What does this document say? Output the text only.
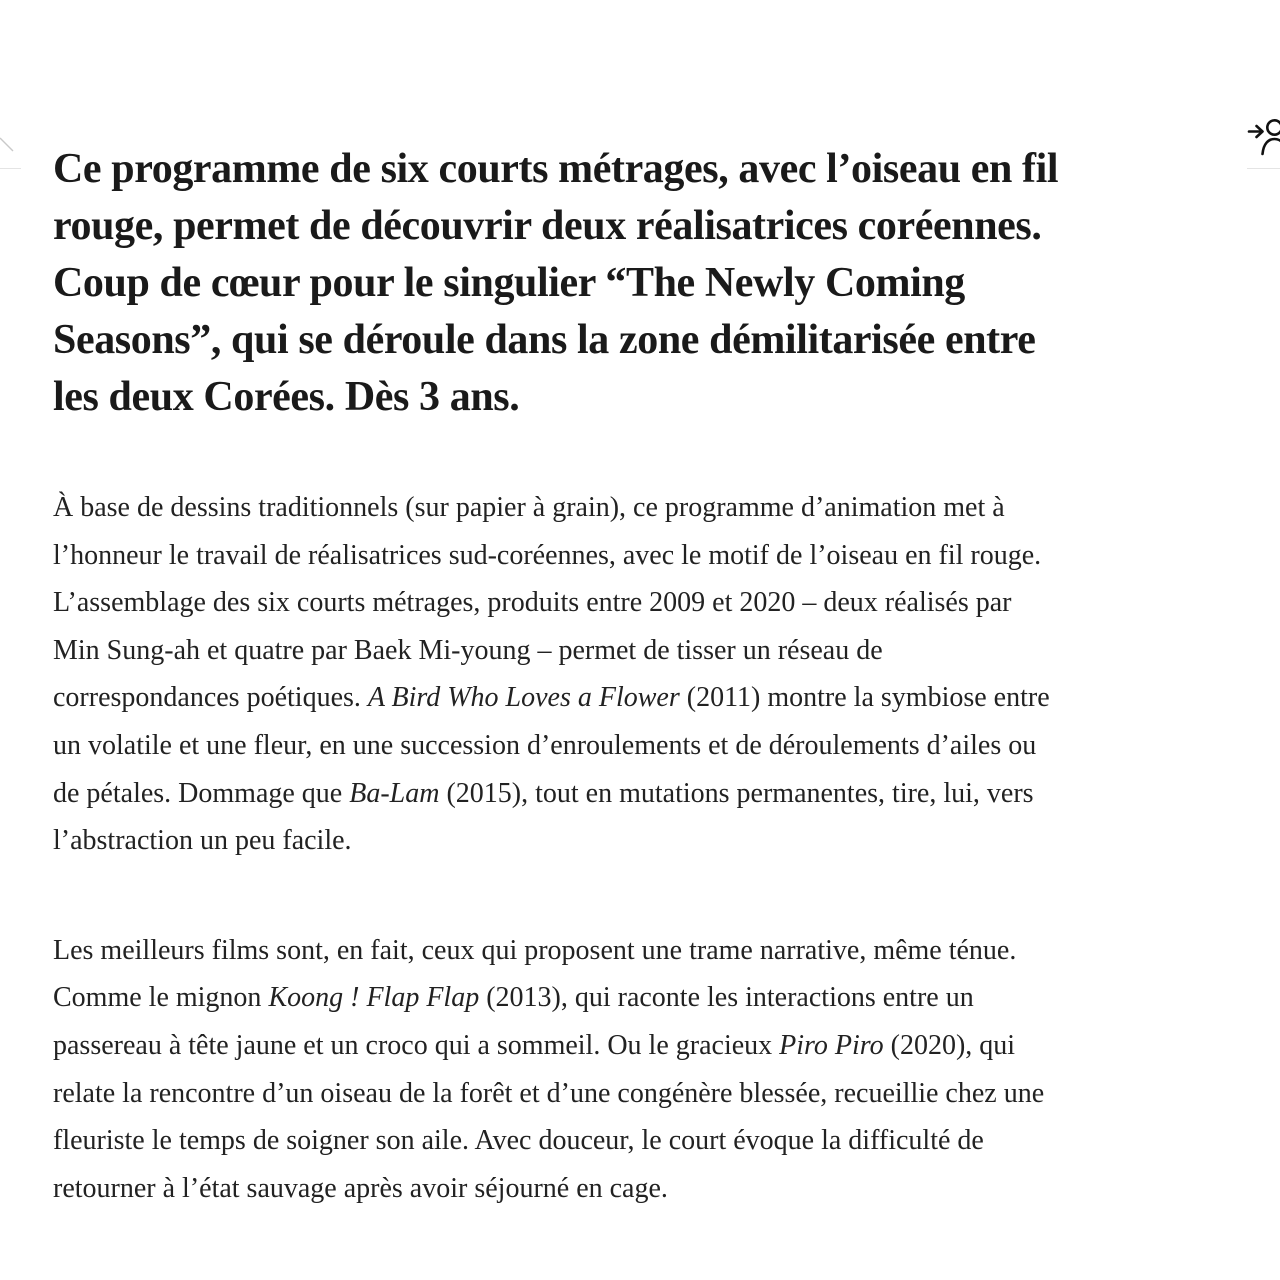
Ce programme de six courts métrages, avec l’oiseau en fil
rouge, permet de découvrir deux réalisatrices coréennes.
Coup de cœur pour le singulier “The Newly Coming
Seasons”, qui se déroule dans la zone démilitarisée entre
les deux Corées. Dès 3 ans.

À base de dessins traditionnels (sur papier à grain), ce programme d’animation met à
l’honneur le travail de réalisatrices sud-coréennes, avec le motif de l’oiseau en fil rouge.
L’assemblage des six courts métrages, produits entre 2009 et 2020 – deux réalisés par
Min Sung-ah et quatre par Baek Mi-young – permet de tisser un réseau de
correspondances poétiques. A Bird Who Loves a Flower (2011) montre la symbiose entre
un volatile et une fleur, en une succession d’enroulements et de déroulements d’ailes ou
de pétales. Dommage que Ba-Lam (2015), tout en mutations permanentes, tire, lui, vers
l’abstraction un peu facile.

Les meilleurs films sont, en fait, ceux qui proposent une trame narrative, même ténue.
Comme le mignon Koong ! Flap Flap (2013), qui raconte les interactions entre un
passereau à tête jaune et un croco qui a sommeil. Ou le gracieux Piro Piro (2020), qui
relate la rencontre d’un oiseau de la forêt et d’une congénère blessée, recueillie chez une
fleuriste le temps de soigner son aile. Avec douceur, le court évoque la difficulté de
retourner à l’état sauvage après avoir séjourné en cage.
